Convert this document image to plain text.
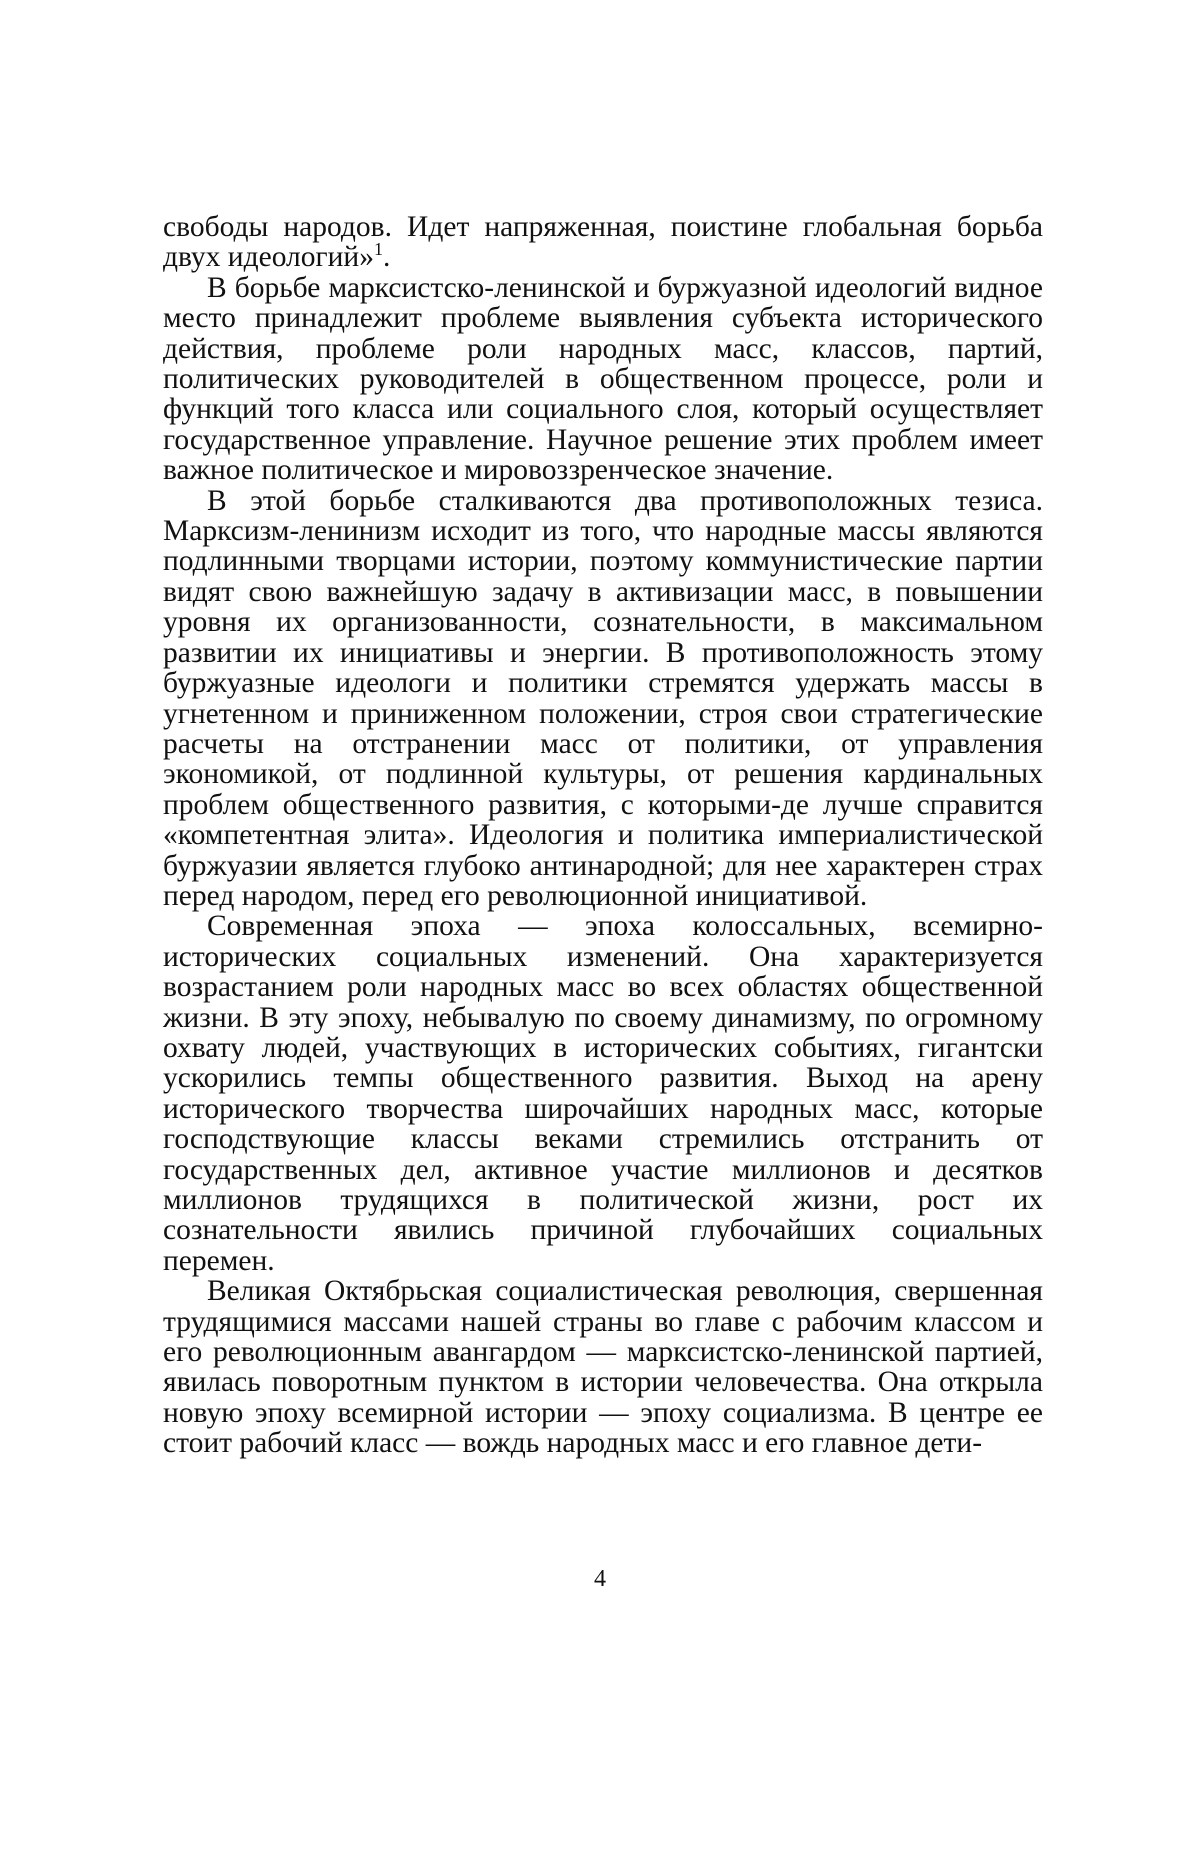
свободы народов. Идет напряженная, поистине глобальная борьба двух идеологий»$^1$.

В борьбе марксистско-ленинской и буржуазной идеологий видное место принадлежит проблеме выявления субъекта исторического действия, проблеме роли народных масс, классов, партий, политических руководителей в общественном процессе, роли и функций того класса или социального слоя, который осуществляет государственное управление. Научное решение этих проблем имеет важное политическое и мировоззренческое значение.

В этой борьбе сталкиваются два противоположных тезиса. Марксизм-ленинизм исходит из того, что народные массы являются подлинными творцами истории, поэтому коммунистические партии видят свою важнейшую задачу в активизации масс, в повышении уровня их организованности, сознательности, в максимальном развитии их инициативы и энергии. В противоположность этому буржуазные идеологи и политики стремятся удержать массы в угнетенном и приниженном положении, строя свои стратегические расчеты на отстранении масс от политики, от управления экономикой, от подлинной культуры, от решения кардинальных проблем общественного развития, с которыми-де лучше справится «компетентная элита». Идеология и политика империалистической буржуазии является глубоко антинародной; для нее характерен страх перед народом, перед его революционной инициативой.

Современная эпоха — эпоха колоссальных, всемирно-исторических социальных изменений. Она характеризуется возрастанием роли народных масс во всех областях общественной жизни. В эту эпоху, небывалую по своему динамизму, по огромному охвату людей, участвующих в исторических событиях, гигантски ускорились темпы общественного развития. Выход на арену исторического творчества широчайших народных масс, которые господствующие классы веками стремились отстранить от государственных дел, активное участие миллионов и десятков миллионов трудящихся в политической жизни, рост их сознательности явились причиной глубочайших социальных перемен.

Великая Октябрьская социалистическая революция, свершенная трудящимися массами нашей страны во главе с рабочим классом и его революционным авангардом — марксистско-ленинской партией, явилась поворотным пунктом в истории человечества. Она открыла новую эпоху всемирной истории — эпоху социализма. В центре ее стоит рабочий класс — вождь народных масс и его главное дети-

4
